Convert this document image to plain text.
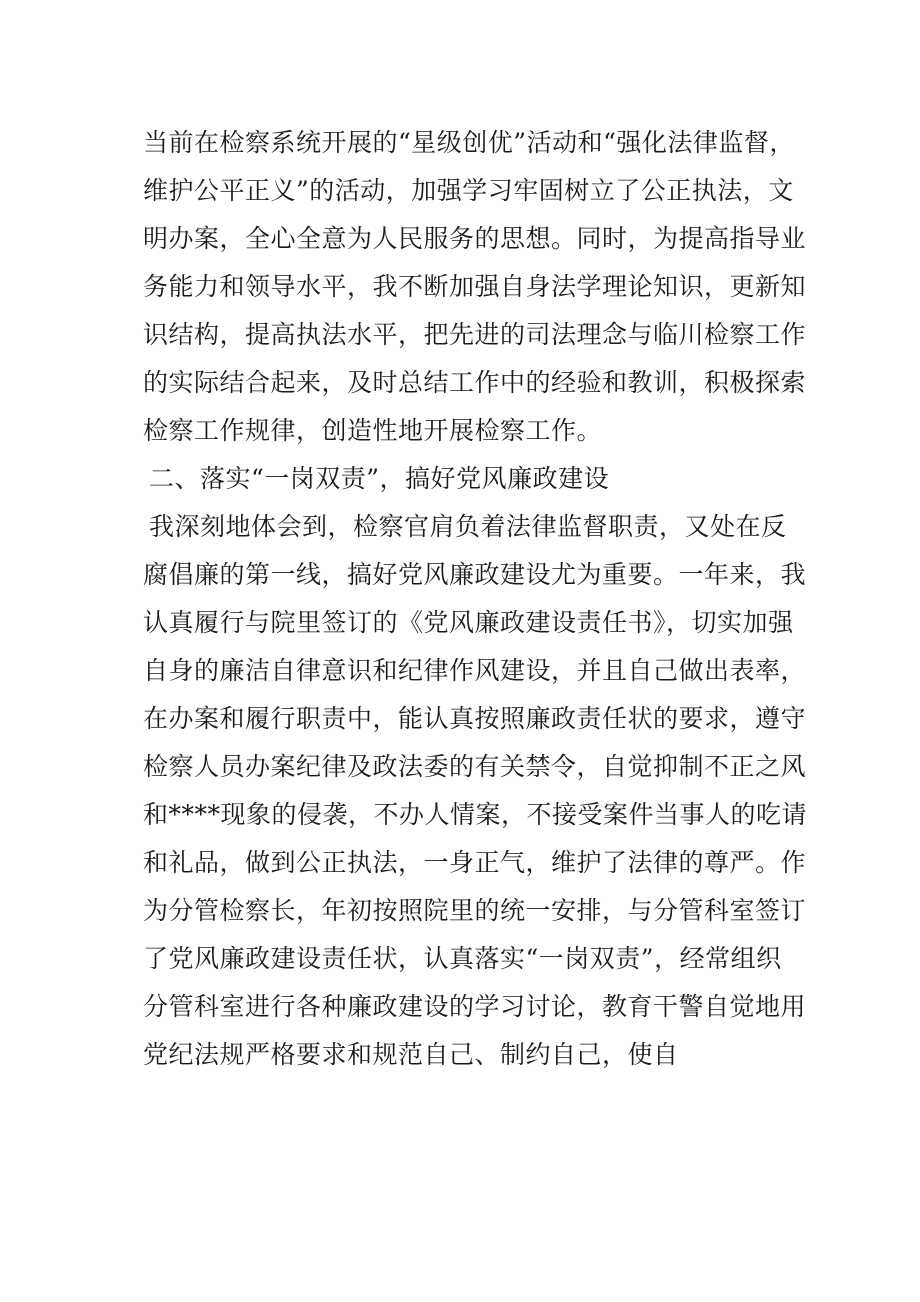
当前在检察系统开展的“星级创优”活动和“强化法律监督，
维护公平正义”的活动，加强学习牢固树立了公正执法，文
明办案，全心全意为人民服务的思想。同时，为提高指导业
务能力和领导水平，我不断加强自身法学理论知识，更新知
识结构，提高执法水平，把先进的司法理念与临川检察工作
的实际结合起来，及时总结工作中的经验和教训，积极探索
检察工作规律，创造性地开展检察工作。
二、落实“一岗双责”，搞好党风廉政建设
我深刻地体会到，检察官肩负着法律监督职责，又处在反
腐倡廉的第一线，搞好党风廉政建设尤为重要。一年来，我
认真履行与院里签订的《党风廉政建设责任书》，切实加强
自身的廉洁自律意识和纪律作风建设，并且自己做出表率，
在办案和履行职责中，能认真按照廉政责任状的要求，遵守
检察人员办案纪律及政法委的有关禁令，自觉抑制不正之风
和****现象的侵袭，不办人情案，不接受案件当事人的吃请
和礼品，做到公正执法，一身正气，维护了法律的尊严。作
为分管检察长，年初按照院里的统一安排，与分管科室签订
了党风廉政建设责任状，认真落实“一岗双责”，经常组织
分管科室进行各种廉政建设的学习讨论，教育干警自觉地用
党纪法规严格要求和规范自己、制约自己，使自
